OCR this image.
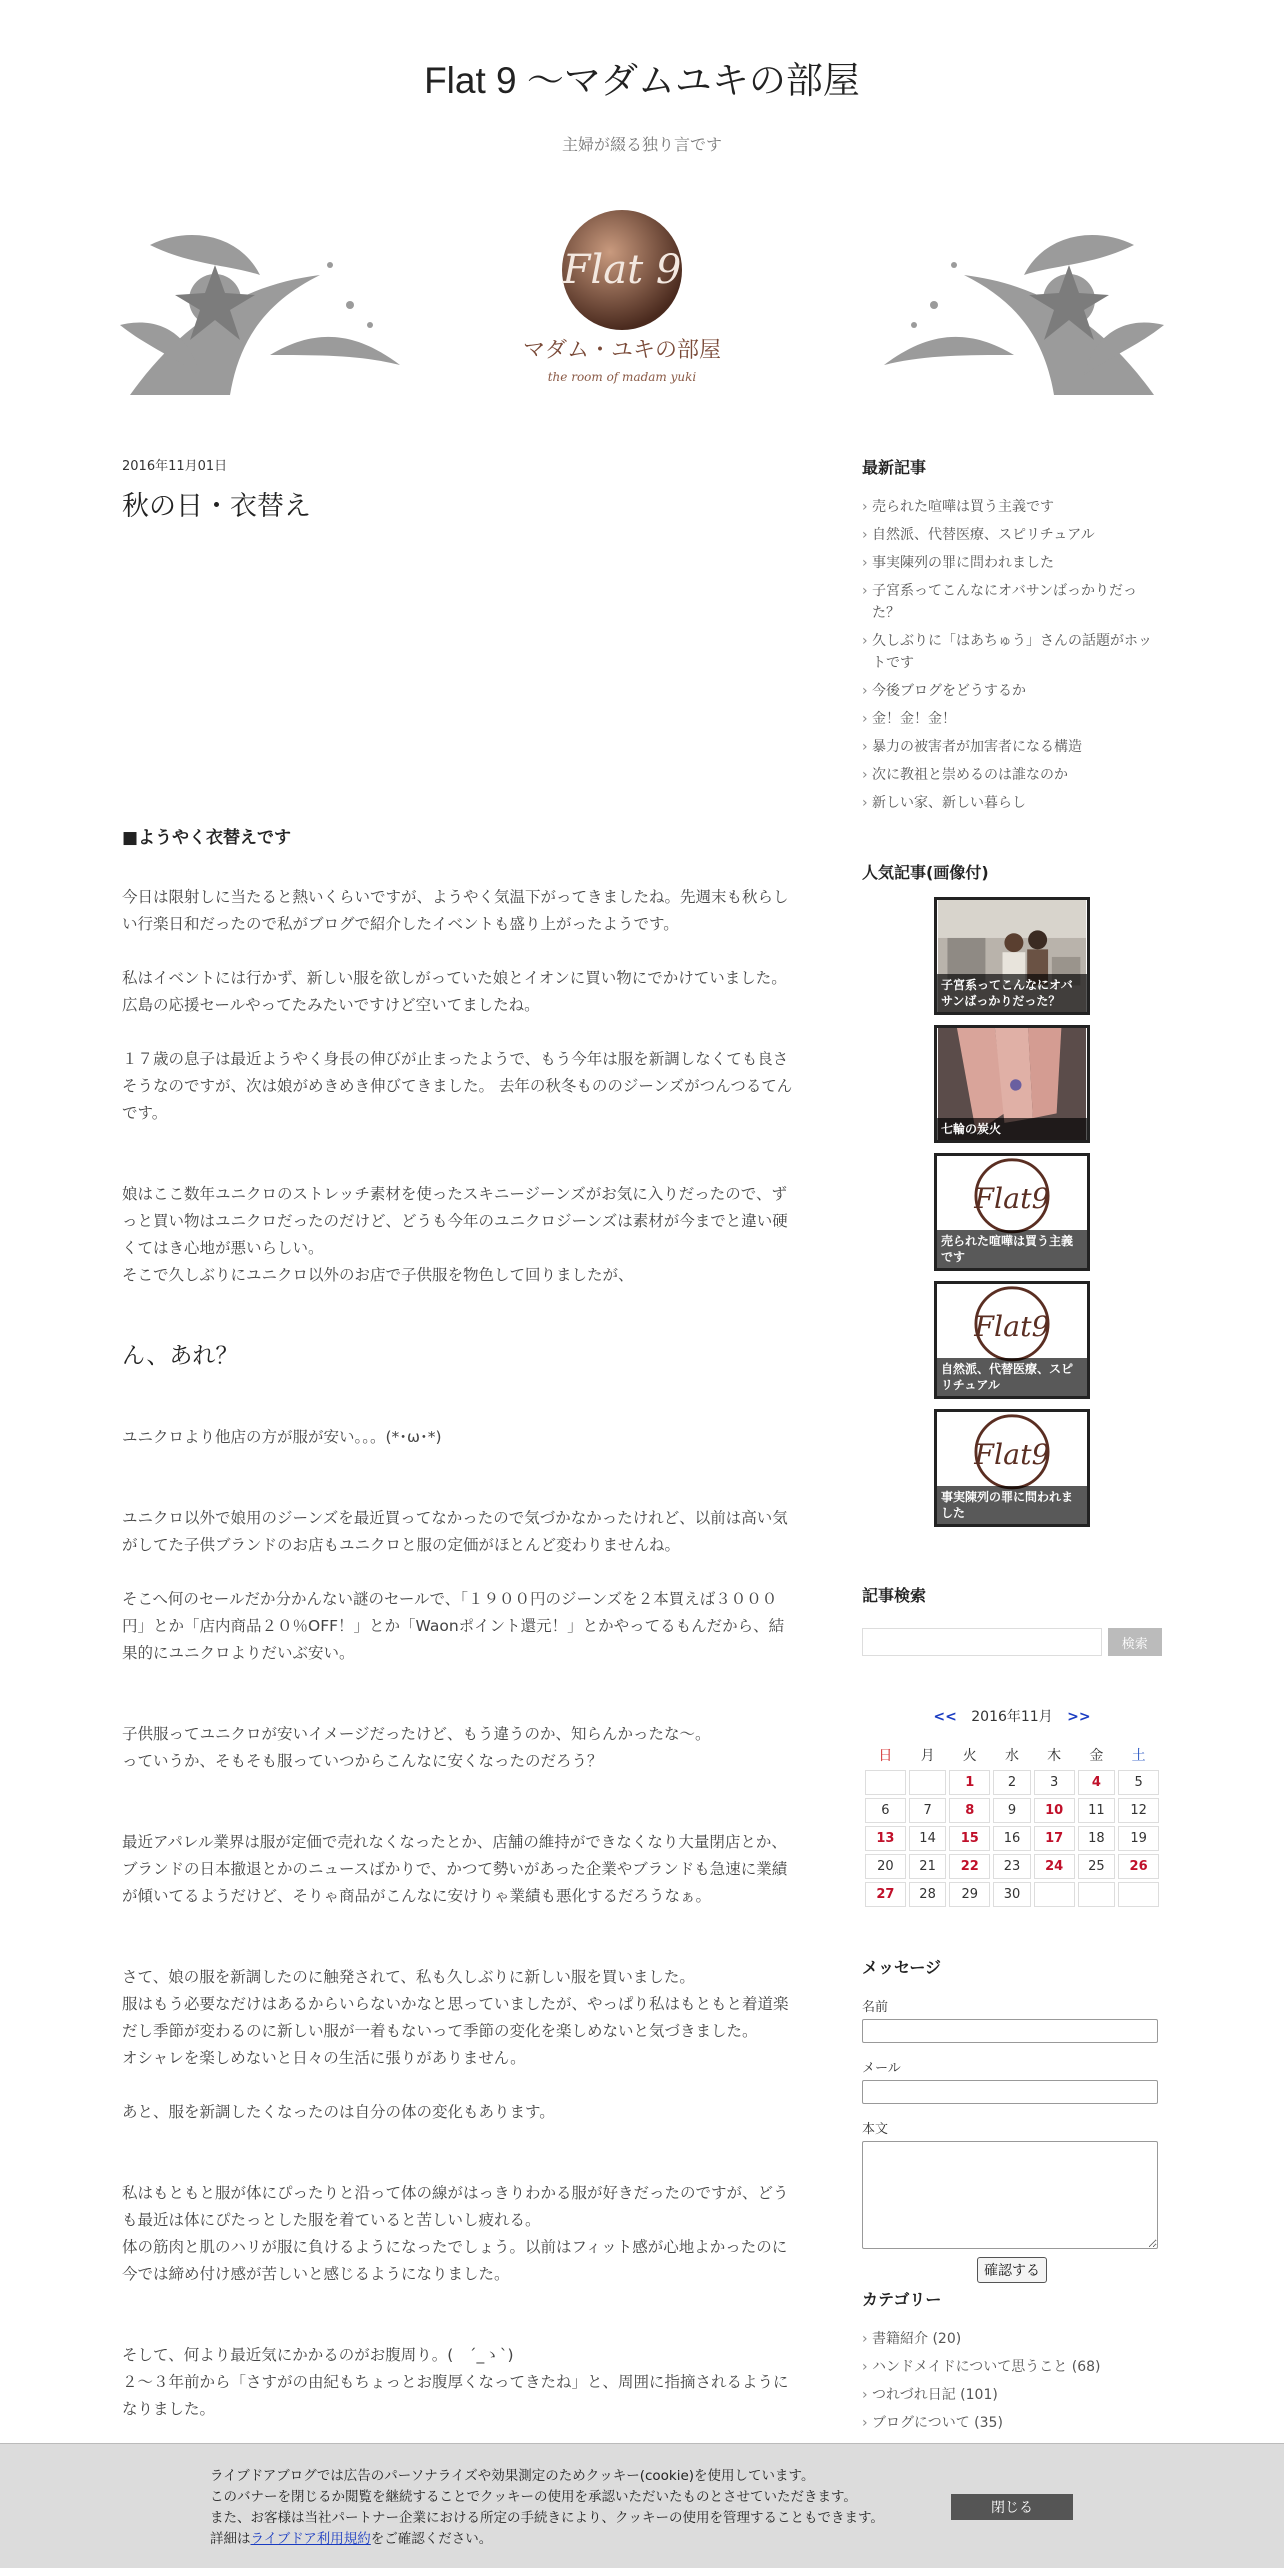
Flat 9 〜マダムユキの部屋
主婦が綴る独り言です
Flat 9
マダム・ユキの部屋
the room of madam yuki
2016年11月01日
秋の日・衣替え

■ようやく衣替えです

今日は限射しに当たると熱いくらいですが、ようやく気温下がってきましたね。先週末も秋らしい行楽日和だったので私がブログで紹介したイベントも盛り上がったようです。

私はイベントには行かず、新しい服を欲しがっていた娘とイオンに買い物にでかけていました。広島の応援セールやってたみたいですけど空いてましたね。

１７歳の息子は最近ようやく身長の伸びが止まったようで、もう今年は服を新調しなくても良さそうなのですが、次は娘がめきめき伸びてきました。 去年の秋冬もののジーンズがつんつるてんです。

娘はここ数年ユニクロのストレッチ素材を使ったスキニージーンズがお気に入りだったので、ずっと買い物はユニクロだったのだけど、どうも今年のユニクロジーンズは素材が今までと違い硬くてはき心地が悪いらしい。
そこで久しぶりにユニクロ以外のお店で子供服を物色して回りましたが、

ん、あれ？

ユニクロより他店の方が服が安い。。。(*･ω･*)

ユニクロ以外で娘用のジーンズを最近買ってなかったので気づかなかったけれど、以前は高い気がしてた子供ブランドのお店もユニクロと服の定価がほとんど変わりませんね。

そこへ何のセールだか分かんない謎のセールで、「１９００円のジーンズを２本買えば３０００円」とか「店内商品２０％OFF！」とか「Waonポイント還元！」とかやってるもんだから、結果的にユニクロよりだいぶ安い。

子供服ってユニクロが安いイメージだったけど、もう違うのか、知らんかったな〜。
っていうか、そもそも服っていつからこんなに安くなったのだろう？

最近アパレル業界は服が定価で売れなくなったとか、店舗の維持ができなくなり大量閉店とか、ブランドの日本撤退とかのニュースばかりで、かつて勢いがあった企業やブランドも急速に業績が傾いてるようだけど、そりゃ商品がこんなに安けりゃ業績も悪化するだろうなぁ。

さて、娘の服を新調したのに触発されて、私も久しぶりに新しい服を買いました。
服はもう必要なだけはあるからいらないかなと思っていましたが、やっぱり私はもともと着道楽だし季節が変わるのに新しい服が一着もないって季節の変化を楽しめないと気づきました。
オシャレを楽しめないと日々の生活に張りがありません。

あと、服を新調したくなったのは自分の体の変化もあります。

私はもともと服が体にぴったりと沿って体の線がはっきりわかる服が好きだったのですが、どうも最近は体にぴたっとした服を着ていると苦しいし疲れる。
体の筋肉と肌のハリが服に負けるようになったでしょう。以前はフィット感が心地よかったのに今では締め付け感が苦しいと感じるようになりました。

そして、何より最近気にかかるのがお腹周り。(　´_ゝ`)
２〜３年前から「さすがの由紀もちょっとお腹厚くなってきたね」と、周囲に指摘されるようになりました。

最新記事
› 売られた喧嘩は買う主義です
› 自然派、代替医療、スピリチュアル
› 事実陳列の罪に問われました
› 子宮系ってこんなにオバサンばっかりだった？
› 久しぶりに「はあちゅう」さんの話題がホットです
› 今後ブログをどうするか
› 金！金！金！
› 暴力の被害者が加害者になる構造
› 次に教祖と崇めるのは誰なのか
› 新しい家、新しい暮らし
人気記事(画像付)
子宮系ってこんなにオバサンばっかりだった？
七輪の炭火
Flat9
売られた喧嘩は買う主義です
Flat9
自然派、代替医療、スピリチュアル
Flat9
事実陳列の罪に問われました
記事検索
検索
<< 2016年11月 >>
日	月	火	水	木	金	土
		1	2	3	4	5
6	7	8	9	10	11	12
13	14	15	16	17	18	19
20	21	22	23	24	25	26
27	28	29	30			
メッセージ
名前
メール
本文
確認する
カテゴリー
› 書籍紹介 (20)
› ハンドメイドについて思うこと (68)
› つれづれ日記 (101)
› ブログについて (35)
ライブドアブログでは広告のパーソナライズや効果測定のためクッキー(cookie)を使用しています。
このバナーを閉じるか閲覧を継続することでクッキーの使用を承認いただいたものとさせていただきます。
また、お客様は当社パートナー企業における所定の手続きにより、クッキーの使用を管理することもできます。
詳細はライブドア利用規約をご確認ください。
閉じる
